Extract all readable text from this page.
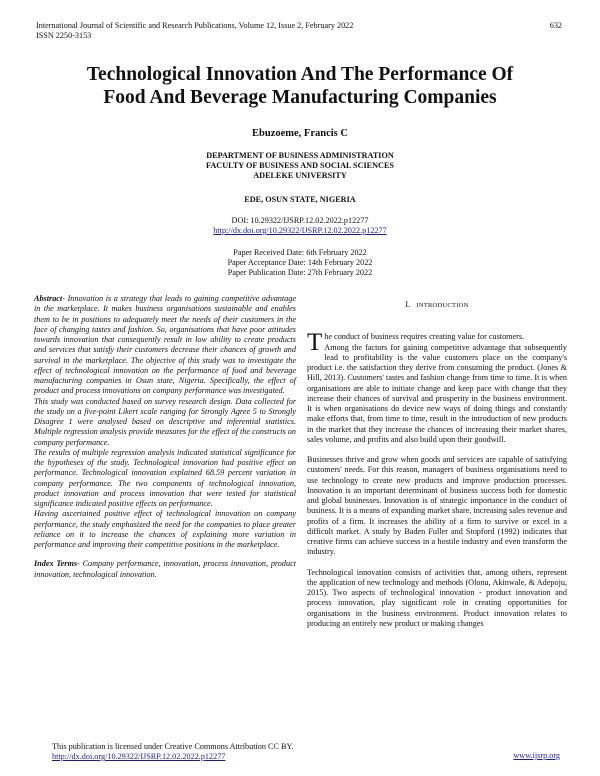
International Journal of Scientific and Research Publications, Volume 12, Issue 2, February 2022
ISSN 2250-3153
632
Technological Innovation And The Performance Of
Food And Beverage Manufacturing Companies
Ebuzoeme, Francis C
DEPARTMENT OF BUSINESS ADMINISTRATION
FACULTY OF BUSINESS AND SOCIAL SCIENCES
ADELEKE UNIVERSITY
EDE, OSUN STATE, NIGERIA
DOI: 10.29322/IJSRP.12.02.2022.p12277
http://dx.doi.org/10.29322/IJSRP.12.02.2022.p12277
Paper Received Date: 6th February 2022
Paper Acceptance Date: 14th February 2022
Paper Publication Date: 27th February 2022

Abstract- Innovation is a strategy that leads to gaining competitive advantage in the marketplace. It makes business organisations sustainable and enables them to be in positions to adequately meet the needs of their customers in the face of changing tastes and fashion. So, organisations that have poor attitudes towards innovation that consequently result in low ability to create products and services that satisfy their customers decrease their chances of growth and survival in the marketplace. The objective of this study was to investigate the effect of technological innovation on the performance of food and beverage manufacturing companies in Osun state, Nigeria. Specifically, the effect of product and process innovations on company performance was investigated.

This study was conducted based on survey research design. Data collected for the study on a five-point Likert scale ranging for Strongly Agree 5 to Strongly Disagree 1 were analysed based on descriptive and inferential statistics. Multiple regression analysis provide measures for the effect of the constructs on company performance.

The results of multiple regression analysis indicated statistical significance for the hypotheses of the study. Technological innovation had positive effect on performance. Technological innovation explained 68.59 percent variation in company performance. The two components of technological innovation, product innovation and process innovation that were tested for statistical significance indicated positive effects on performance.

Having ascertained positive effect of technological innovation on company performance, the study emphasized the need for the companies to place greater reliance on it to increase the chances of explaining more variation in performance and improving their competitive positions in the marketplace.

Index Terms- Company performance, innovation, process innovation, product innovation, technological innovation.

I. INTRODUCTION

The conduct of business requires creating value for customers.
Among the factors for gaining competitive advantage that subsequently lead to profitability is the value customers place on the company's product i.e. the satisfaction they derive from consuming the product. (Jones & Hill, 2013). Customers' tastes and fashion change from time to time. It is when organisations are able to initiate change and keep pace with change that they increase their chances of survival and prosperity in the business environment. It is when organisations do device new ways of doing things and constantly make efforts that, from time to time, result in the introduction of new products in the market that they increase the chances of increasing their market shares, sales volume, and profits and also build upon their goodwill.

Businesses thrive and grow when goods and services are capable of satisfying customers' needs. For this reason, managers of business organisations need to use technology to create new products and improve production processes. Innovation is an important determinant of business success both for domestic and global businesses. Innovation is of strategic importance in the conduct of business. It is a means of expanding market share, increasing sales revenue and profits of a firm. It increases the ability of a firm to survive or excel in a difficult market. A study by Baden Fuller and Stopford (1992) indicates that creative firms can achieve success in a hostile industry and even transform the industry.

Technological innovation consists of activities that, among others, represent the application of new technology and methods (Olonu, Akinwale, & Adepoju, 2015). Two aspects of technological innovation - product innovation and process innovation, play significant role in creating opportunities for organisations in the business environment. Product innovation relates to producing an entirely new product or making changes

This publication is licensed under Creative Commons Attribution CC BY.
http://dx.doi.org/10.29322/IJSRP.12.02.2022.p12277	www.ijsrp.org
